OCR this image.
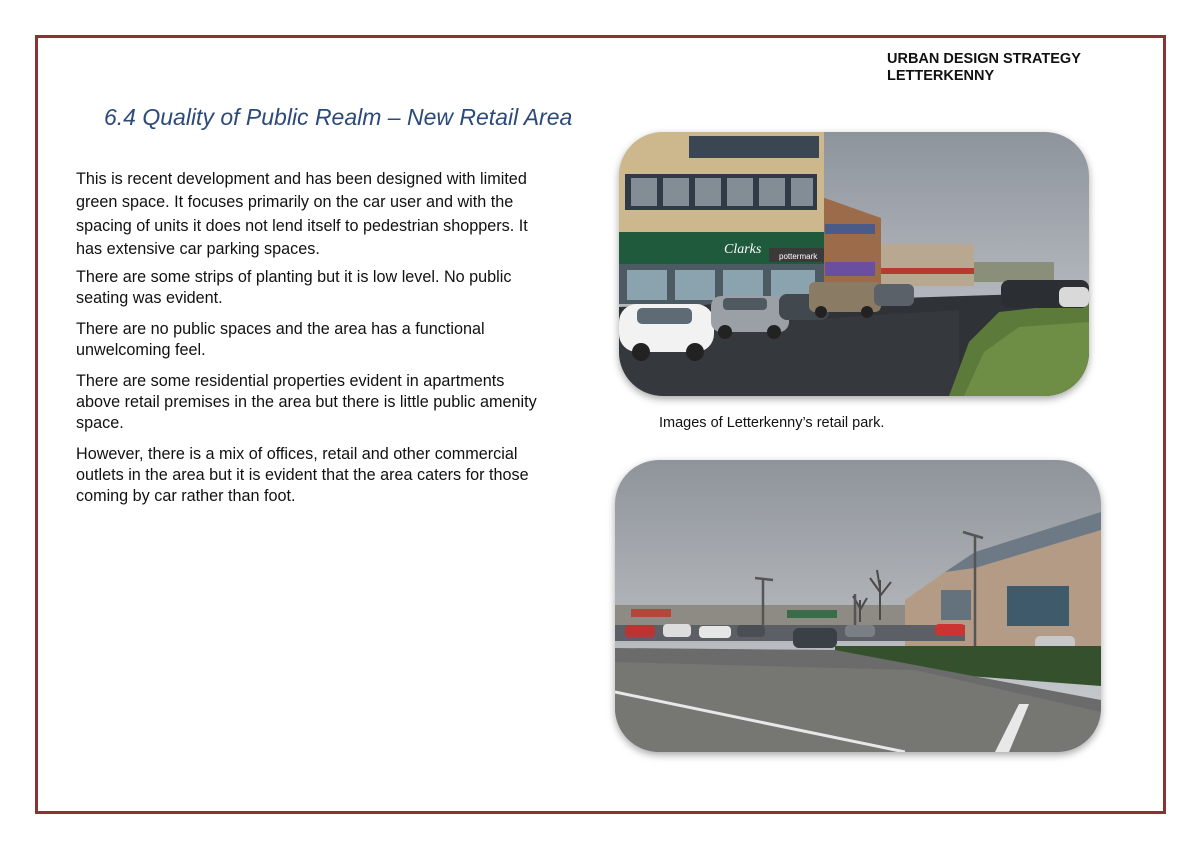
URBAN DESIGN STRATEGY
LETTERKENNY
6.4 Quality of Public Realm – New Retail Area

This is recent development and has been designed with limited green space. It focuses primarily on the car user and with the spacing of units it does not lend itself to pedestrian shoppers. It has extensive car parking spaces.

There are some strips of planting but it is low level. No public seating was evident.

There are no public spaces and the area has a functional unwelcoming feel.

There are some residential properties evident in apartments above retail premises in the area but there is little public amenity space.

However, there is a mix of offices, retail and other commercial outlets in the area but it is evident that the area caters for those coming by car rather than foot.

Clarks pottermark
Images of Letterkenny’s retail park.
